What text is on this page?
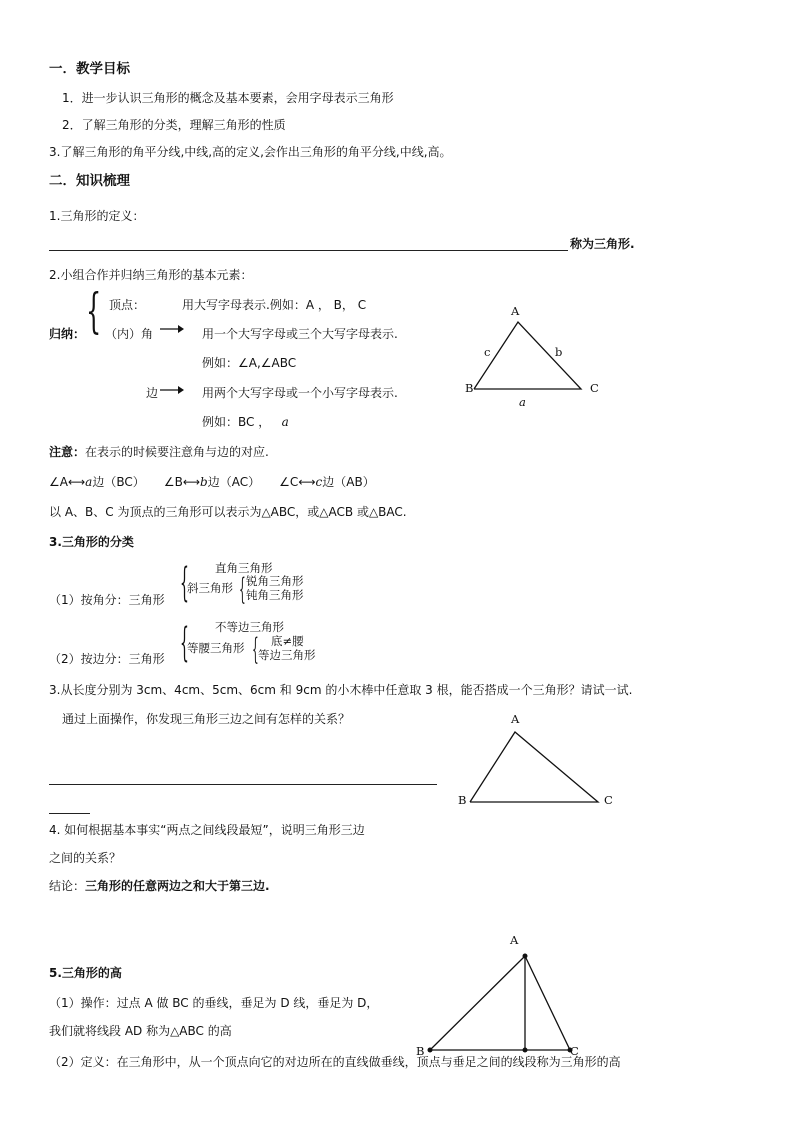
一．教学目标
1．进一步认识三角形的概念及基本要素，会用字母表示三角形
2．了解三角形的分类，理解三角形的性质
3.了解三角形的角平分线,中线,高的定义,会作出三角形的角平分线,中线,高。
二．知识梳理
1.三角形的定义：
称为三角形.
2.小组合作并归纳三角形的基本元素：
{
归纳：
顶点：	用大写字母表示.例如：A ， B， C
（内）角	用一个大写字母或三个大写字母表示.
例如：∠A,∠ABC
边	用两个大写字母或一个小写字母表示.
例如：BC ， a
A
B	C
c	b
a
注意：在表示的时候要注意角与边的对应.
∠A⟷a边（BC） ∠B⟷b边（AC） ∠C⟷c边（AB）
以 A、B、C 为顶点的三角形可以表示为△ABC，或△ACB 或△BAC.
3.三角形的分类
（1）按角分：三角形 { 直角三角形
斜三角形 { 锐角三角形
钝角三角形
（2）按边分：三角形 { 不等边三角形
等腰三角形 { 底≠腰
等边三角形
3.从长度分别为 3cm、4cm、5cm、6cm 和 9cm 的小木棒中任意取 3 根，能否搭成一个三角形？请试一试.
通过上面操作，你发现三角形三边之间有怎样的关系？	A
B	C
4. 如何根据基本事实“两点之间线段最短”，说明三角形三边
之间的关系？
结论：三角形的任意两边之和大于第三边.
5.三角形的高
（1）操作：过点 A 做 BC 的垂线，垂足为 D 线，垂足为 D，
我们就将线段 AD 称为△ABC 的高
A
B	C
（2）定义：在三角形中，从一个顶点向它的对边所在的直线做垂线，顶点与垂足之间的线段称为三角形的高
